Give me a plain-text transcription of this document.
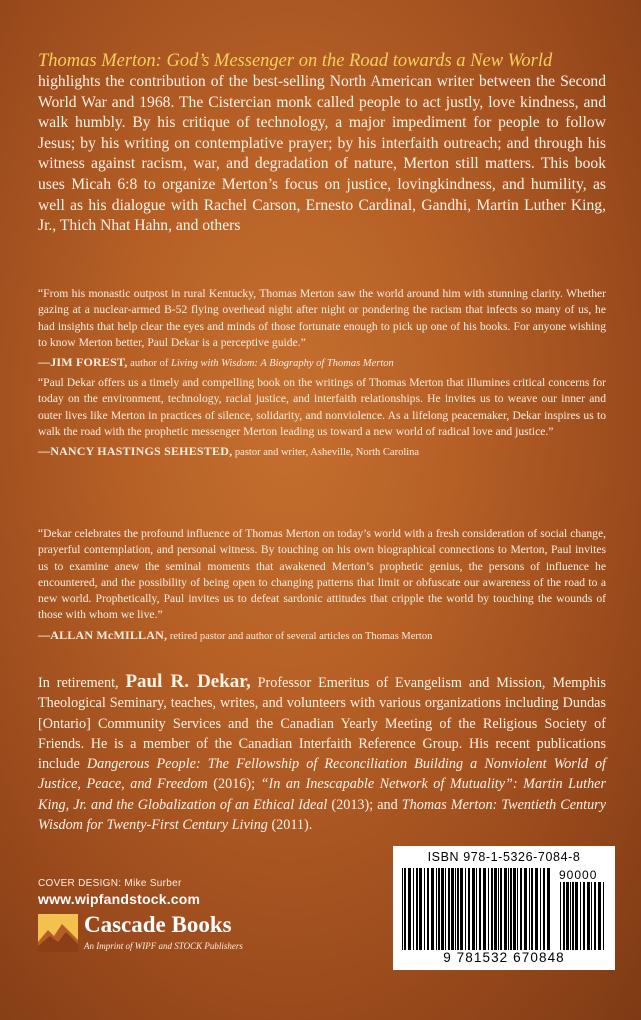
Thomas Merton: God’s Messenger on the Road towards a New World
highlights the contribution of the best-selling North American writer between the Second World War and 1968. The Cistercian monk called people to act justly, love kindness, and walk humbly. By his critique of technology, a major impediment for people to follow Jesus; by his writing on contemplative prayer; by his interfaith outreach; and through his witness against racism, war, and degradation of nature, Merton still matters. This book uses Micah 6:8 to organize Merton’s focus on justice, lovingkindness, and humility, as well as his dialogue with Rachel Carson, Ernesto Cardinal, Gandhi, Martin Luther King, Jr., Thich Nhat Hahn, and others

“From his monastic outpost in rural Kentucky, Thomas Merton saw the world around him with stunning clarity. Whether gazing at a nuclear-armed B-52 flying overhead night after night or pondering the racism that infects so many of us, he had insights that help clear the eyes and minds of those fortunate enough to pick up one of his books. For anyone wishing to know Merton better, Paul Dekar is a perceptive guide.”

—JIM FOREST, author of Living with Wisdom: A Biography of Thomas Merton

“Paul Dekar offers us a timely and compelling book on the writings of Thomas Merton that illumines critical concerns for today on the environment, technology, racial justice, and interfaith relationships. He invites us to weave our inner and outer lives like Merton in practices of silence, solidarity, and nonviolence. As a lifelong peacemaker, Dekar inspires us to walk the road with the prophetic messenger Merton leading us toward a new world of radical love and justice.”

—NANCY HASTINGS SEHESTED, pastor and writer, Asheville, North Carolina

“Dekar celebrates the profound influence of Thomas Merton on today’s world with a fresh consideration of social change, prayerful contemplation, and personal witness. By touching on his own biographical connections to Merton, Paul invites us to examine anew the seminal moments that awakened Merton’s prophetic genius, the persons of influence he encountered, and the possibility of being open to changing patterns that limit or obfuscate our awareness of the road to a new world. Prophetically, Paul invites us to defeat sardonic attitudes that cripple the world by touching the wounds of those with whom we live.”

—ALLAN McMILLAN, retired pastor and author of several articles on Thomas Merton

In retirement, Paul R. Dekar, Professor Emeritus of Evangelism and Mission, Memphis Theological Seminary, teaches, writes, and volunteers with various organizations including Dundas [Ontario] Community Services and the Canadian Yearly Meeting of the Religious Society of Friends. He is a member of the Canadian Interfaith Reference Group. His recent publications include Dangerous People: The Fellowship of Reconciliation Building a Nonviolent World of Justice, Peace, and Freedom (2016); “In an Inescapable Network of Mutuality”: Martin Luther King, Jr. and the Globalization of an Ethical Ideal (2013); and Thomas Merton: Twentieth Century Wisdom for Twenty-First Century Living (2011).
COVER DESIGN: Mike Surber
www.wipfandstock.com
Cascade Books
An Imprint of WIPF and STOCK Publishers
ISBN 978-1-5326-7084-8
90000
9 781532 670848
